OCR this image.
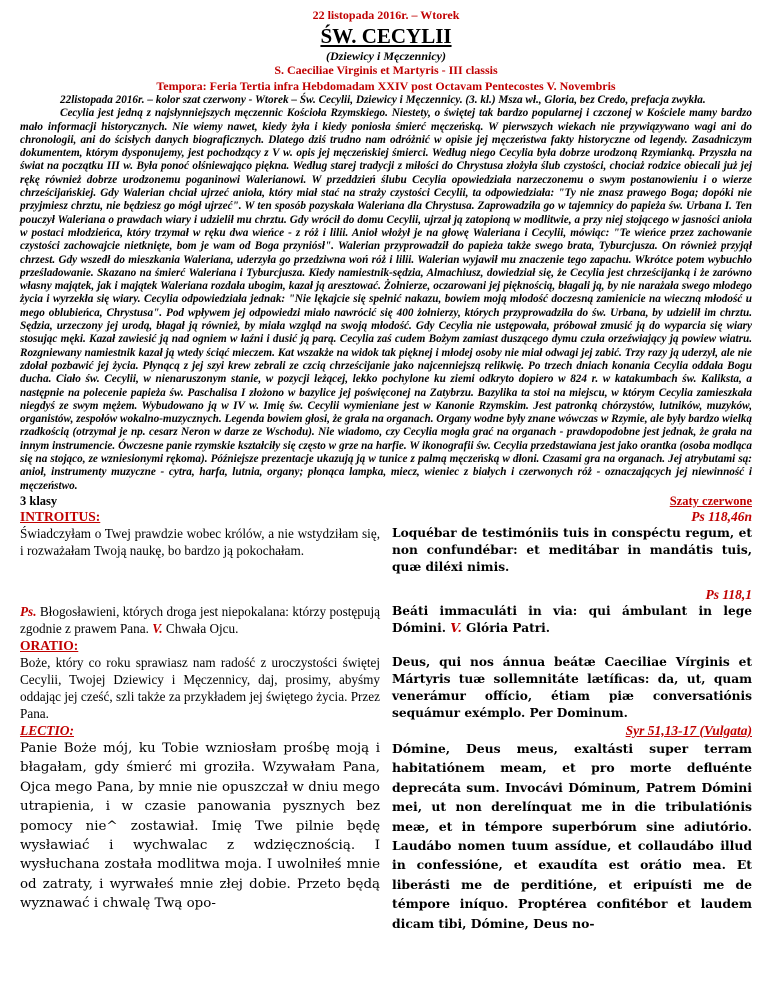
22 listopada 2016r. – Wtorek
ŚW. CECYLII
(Dziewicy i Męczennicy)
S. Caeciliae Virginis et Martyris - III classis
Tempora: Feria Tertia infra Hebdomadam XXIV post Octavam Pentecostes V. Novembris

22listopada 2016r. – kolor szat czerwony - Wtorek – Św. Cecylii, Dziewicy i Męczennicy. (3. kl.) Msza wł., Gloria, bez Credo, prefacja zwykła.

Cecylia jest jedną z najsłynniejszych męczennic Kościoła Rzymskiego. Niestety, o świętej tak bardzo popularnej i czczonej w Kościele mamy bardzo mało informacji historycznych. Nie wiemy nawet, kiedy żyła i kiedy poniosła śmierć męczeńską. W pierwszych wiekach nie przywiązywano wagi ani do chronologii, ani do ścisłych danych biograficznych. Dlatego dziś trudno nam odróżnić w opisie jej męczeństwa fakty historyczne od legendy. Zasadniczym dokumentem, którym dysponujemy, jest pochodzący z V w. opis jej męczeńskiej śmierci. Według niego Cecylia była dobrze urodzoną Rzymianką. Przyszła na świat na początku III w. Była ponoć olśniewająco piękna. Według starej tradycji z miłości do Chrystusa złożyła ślub czystości, chociaż rodzice obiecali już jej rękę również dobrze urodzonemu poganinowi Walerianowi. W przeddzień ślubu Cecylia opowiedziała narzeczonemu o swym postanowieniu i o wierze chrześcijańskiej. Gdy Walerian chciał ujrzeć anioła, który miał stać na straży czystości Cecylii, ta odpowiedziała: "Ty nie znasz prawego Boga; dopóki nie przyjmiesz chrztu, nie będziesz go mógł ujrzeć". W ten sposób pozyskała Waleriana dla Chrystusa. Zaprowadziła go w tajemnicy do papieża św. Urbana I. Ten pouczył Waleriana o prawdach wiary i udzielił mu chrztu. Gdy wrócił do domu Cecylii, ujrzał ją zatopioną w modlitwie, a przy niej stojącego w jasności anioła w postaci młodzieńca, który trzymał w ręku dwa wieńce - z róż i lilii. Anioł włożył je na głowę Waleriana i Cecylii, mówiąc: "Te wieńce przez zachowanie czystości zachowajcie nietknięte, bom je wam od Boga przyniósł". Walerian przyprowadził do papieża także swego brata, Tyburcjusza. On również przyjął chrzest. Gdy wszedł do mieszkania Waleriana, uderzyła go przedziwna woń róż i lilii. Walerian wyjawił mu znaczenie tego zapachu. Wkrótce potem wybuchło prześladowanie. Skazano na śmierć Waleriana i Tyburcjusza. Kiedy namiestnik-sędzia, Almachiusz, dowiedział się, że Cecylia jest chrześcijanką i że zarówno własny majątek, jak i majątek Waleriana rozdała ubogim, kazał ją aresztować. Żołnierze, oczarowani jej pięknością, błagali ją, by nie narażała swego młodego życia i wyrzekła się wiary. Cecylia odpowiedziała jednak: "Nie lękajcie się spełnić nakazu, bowiem moją młodość doczesną zamienicie na wieczną młodość u mego oblubieńca, Chrystusa". Pod wpływem jej odpowiedzi miało nawrócić się 400 żołnierzy, których przyprowadziła do św. Urbana, by udzielił im chrztu. Sędzia, urzeczony jej urodą, błagał ją również, by miała wzgląd na swoją młodość. Gdy Cecylia nie ustępowała, próbował zmusić ją do wyparcia się wiary stosując męki. Kazał zawiesić ją nad ogniem w łaźni i dusić ją parą. Cecylia zaś cudem Bożym zamiast duszącego dymu czuła orzeźwiający ją powiew wiatru. Rozgniewany namiestnik kazał ją wtedy ściąć mieczem. Kat wszakże na widok tak pięknej i młodej osoby nie miał odwagi jej zabić. Trzy razy ją uderzył, ale nie zdołał pozbawić jej życia. Płynącą z jej szyi krew zebrali ze czcią chrześcijanie jako najcenniejszą relikwię. Po trzech dniach konania Cecylia oddała Bogu ducha. Ciało św. Cecylii, w nienaruszonym stanie, w pozycji leżącej, lekko pochylone ku ziemi odkryto dopiero w 824 r. w katakumbach św. Kaliksta, a następnie na polecenie papieża św. Paschalisa I złożono w bazylice jej poświęconej na Zatybrzu. Bazylika ta stoi na miejscu, w którym Cecylia zamieszkała niegdyś ze swym mężem. Wybudowano ją w IV w. Imię św. Cecylii wymieniane jest w Kanonie Rzymskim. Jest patronką chórzystów, lutników, muzyków, organistów, zespołów wokalno-muzycznych. Legenda bowiem głosi, że grała na organach. Organy wodne były znane wówczas w Rzymie, ale były bardzo wielką rzadkością (otrzymał je np. cesarz Neron w darze ze Wschodu). Nie wiadomo, czy Cecylia mogła grać na organach - prawdopodobne jest jednak, że grała na innym instrumencie. Ówczesne panie rzymskie kształciły się często w grze na harfie. W ikonografii św. Cecylia przedstawiana jest jako orantka (osoba modląca się na stojąco, ze wzniesionymi rękoma). Późniejsze prezentacje ukazują ją w tunice z palmą męczeńską w dłoni. Czasami gra na organach. Jej atrybutami są: anioł, instrumenty muzyczne - cytra, harfa, lutnia, organy; płonąca lampka, miecz, wieniec z białych i czerwonych róż - oznaczających jej niewinność i męczeństwo.

3 klasy	Szaty czerwone
INTROITUS:
Świadczyłam o Twej prawdzie wobec królów, a nie wstydziłam się, i rozważałam Twoją naukę, bo bardzo ją pokochałam.
Ps 118,46n
Loquébar de testimóniis tuis in conspéctu regum, et non confundébar: et meditábar in mandátis tuis, quæ diléxi nimis.
Ps. Błogosławieni, których droga jest niepokalana: którzy postępują zgodnie z prawem Pana. V. Chwała Ojcu.
Ps 118,1
Beáti immaculáti in via: qui ámbulant in lege Dómini. V. Glória Patri.
ORATIO:
Boże, który co roku sprawiasz nam radość z uroczystości świętej Cecylii, Twojej Dziewicy i Męczennicy, daj, prosimy, abyśmy oddając jej cześć, szli także za przykładem jej świętego życia. Przez Pana.
Deus, qui nos ánnua beátæ Caeciliae Vírginis et Mártyris tuæ sollemnitáte lætíficas: da, ut, quam venerámur offício, étiam piæ conversatiónis sequámur exémplo. Per Dominum.
LECTIO:	Syr 51,13-17 (Vulgata)
Panie Boże mój, ku Tobie wzniosłam prośbę moją i błagałam, gdy śmierć mi groziła. Wzywałam Pana, Ojca mego Pana, by mnie nie opuszczał w dniu mego utrapienia, i w czasie panowania pysznych bez pomocy nie^ zostawiał. Imię Twe pilnie będę wysławiać i wychwalac z wdzięcznością. I wysłuchana została modlitwa moja. I uwolniłeś mnie od zatraty, i wyrwałeś mnie złej dobie. Przeto będą wyznawać i chwalę Twą opo-
Dómine, Deus meus, exaltásti super terram habitatiónem meam, et pro morte defluénte deprecáta sum. Invocávi Dóminum, Patrem Dómini mei, ut non derelínquat me in die tribulatiónis meæ, et in témpore superbórum sine adiutório. Laudábo nomen tuum assídue, et collaudábo illud in confessióne, et exaudíta est orátio mea. Et liberásti me de perditióne, et eripuísti me de témpore iníquo. Proptérea confitébor et laudem dicam tibi, Dómine, Deus no-
